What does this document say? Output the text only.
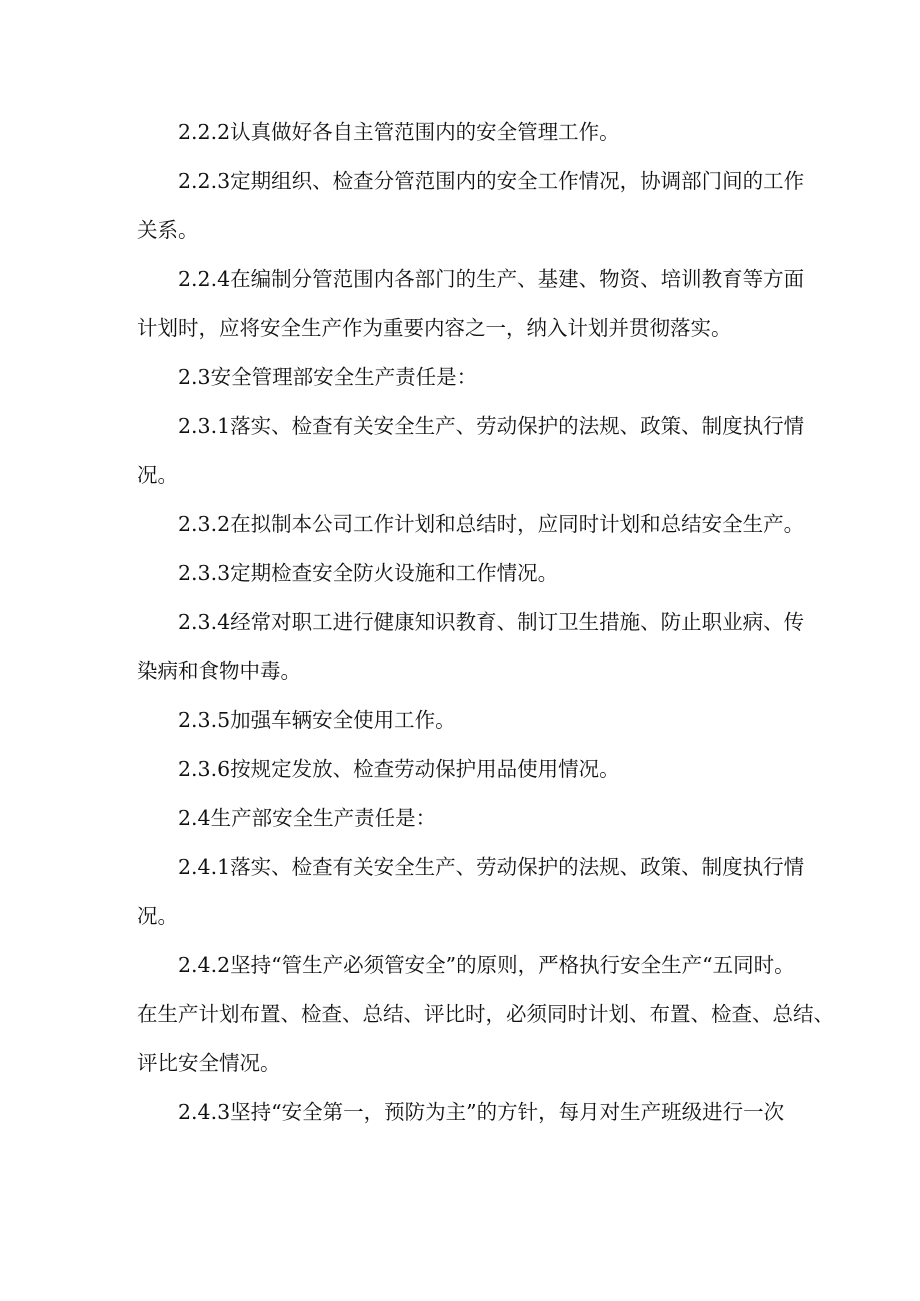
2.2.2认真做好各自主管范围内的安全管理工作。
2.2.3定期组织、检查分管范围内的安全工作情况，协调部门间的工作
关系。
2.2.4在编制分管范围内各部门的生产、基建、物资、培训教育等方面
计划时，应将安全生产作为重要内容之一，纳入计划并贯彻落实。
2.3安全管理部安全生产责任是：
2.3.1落实、检查有关安全生产、劳动保护的法规、政策、制度执行情
况。
2.3.2在拟制本公司工作计划和总结时，应同时计划和总结安全生产。
2.3.3定期检查安全防火设施和工作情况。
2.3.4经常对职工进行健康知识教育、制订卫生措施、防止职业病、传
染病和食物中毒。
2.3.5加强车辆安全使用工作。
2.3.6按规定发放、检查劳动保护用品使用情况。
2.4生产部安全生产责任是：
2.4.1落实、检查有关安全生产、劳动保护的法规、政策、制度执行情
况。
2.4.2坚持“管生产必须管安全”的原则，严格执行安全生产“五同时。
在生产计划布置、检查、总结、评比时，必须同时计划、布置、检查、总结、
评比安全情况。
2.4.3坚持“安全第一，预防为主”的方针，每月对生产班级进行一次
